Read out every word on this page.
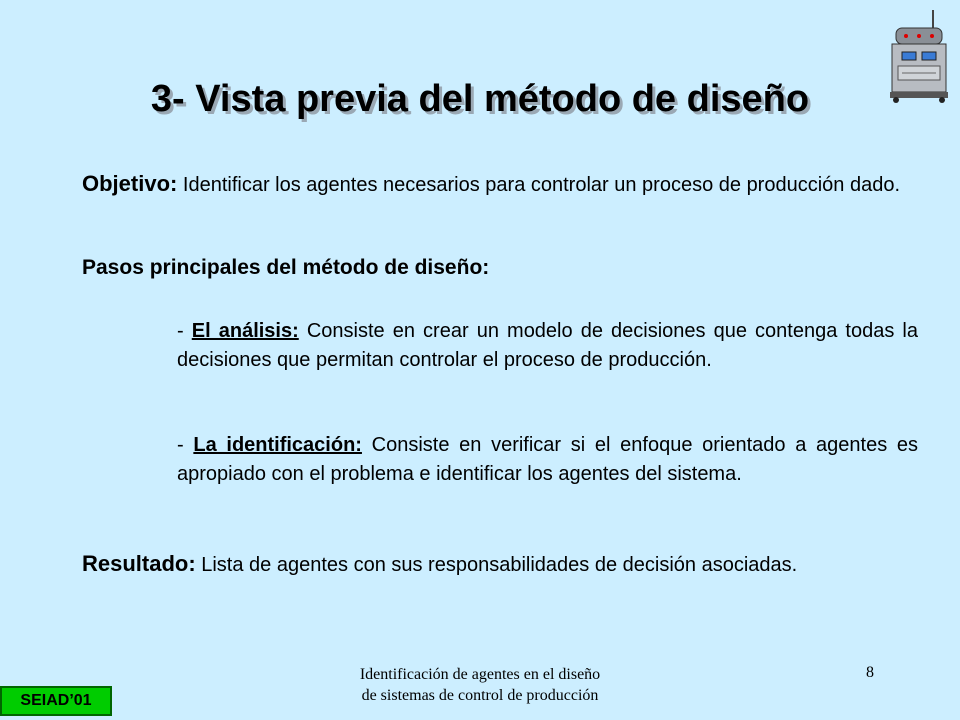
3- Vista previa del método de diseño
Objetivo: Identificar los agentes necesarios para controlar un proceso de producción dado.
Pasos principales del método de diseño:
- El análisis: Consiste en crear un modelo de decisiones que contenga todas la decisiones que permitan controlar el proceso de producción.
- La identificación: Consiste en verificar si el enfoque orientado a agentes es apropiado con el problema e identificar los agentes del sistema.
Resultado: Lista de agentes con sus responsabilidades de decisión asociadas.
Identificación de agentes en el diseño
de sistemas de control de producción
8
SEIAD’01
